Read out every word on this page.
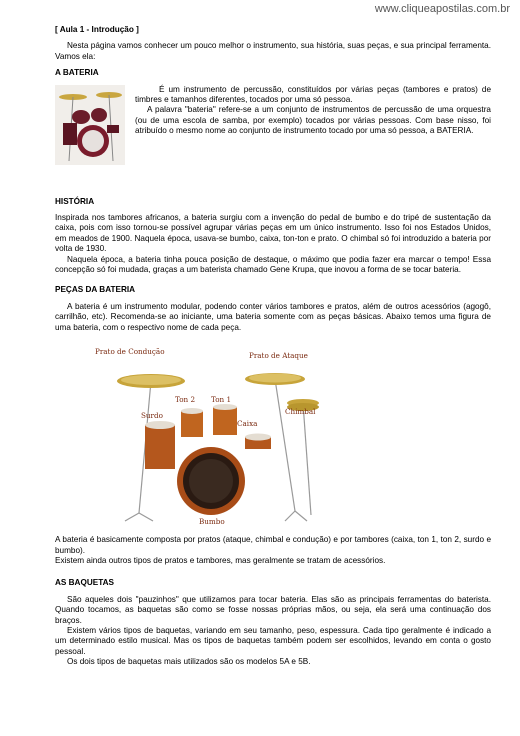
www.cliqueapostilas.com.br
[ Aula 1 - Introdução ]

Nesta página vamos conhecer um pouco melhor o instrumento, sua história, suas peças, e sua principal ferramenta. Vamos ela:

A BATERIA

É um instrumento de percussão, constituídos por várias peças (tambores e pratos) de timbres e tamanhos diferentes, tocados por uma só pessoa.

A palavra "bateria" refere-se a um conjunto de instrumentos de percussão de uma orquestra (ou de uma escola de samba, por exemplo) tocados por várias pessoas. Com base nisso, foi atribuído o mesmo nome ao conjunto de instrumento tocado por uma só pessoa, a BATERIA.

HISTÓRIA

Inspirada nos tambores africanos, a bateria surgiu com a invenção do pedal de bumbo e do tripé de sustentação da caixa, pois com isso tornou-se possível agrupar várias peças em um único instrumento. Isso foi nos Estados Unidos, em meados de 1900. Naquela época, usava-se bumbo, caixa, ton-ton e prato. O chimbal só foi introduzido a bateria por volta de 1930.

Naquela época, a bateria tinha pouca posição de destaque, o máximo que podia fazer era marcar o tempo! Essa concepção só foi mudada, graças a um baterista chamado Gene Krupa, que inovou a forma de se tocar bateria.

PEÇAS DA BATERIA

A bateria é um instrumento modular, podendo conter vários tambores e pratos, além de outros acessórios (agogô, carrilhão, etc). Recomenda-se ao iniciante, uma bateria somente com as peças básicas. Abaixo temos uma figura de uma bateria, com o respectivo nome de cada peça.

Prato de Condução	Prato de Ataque
Ton 2 Ton 1
Surdo
Caixa
Chimbal
Bumbo

A bateria é basicamente composta por pratos (ataque, chimbal e condução) e por tambores (caixa, ton 1, ton 2, surdo e bumbo).

Existem ainda outros tipos de pratos e tambores, mas geralmente se tratam de acessórios.

AS BAQUETAS

São aqueles dois "pauzinhos" que utilizamos para tocar bateria. Elas são as principais ferramentas do baterista. Quando tocamos, as baquetas são como se fosse nossas próprias mãos, ou seja, ela será uma continuação dos braços.

Existem vários tipos de baquetas, variando em seu tamanho, peso, espessura. Cada tipo geralmente é indicado a um determinado estilo musical. Mas os tipos de baquetas também podem ser escolhidos, levando em conta o gosto pessoal.

Os dois tipos de baquetas mais utilizados são os modelos 5A e 5B.
